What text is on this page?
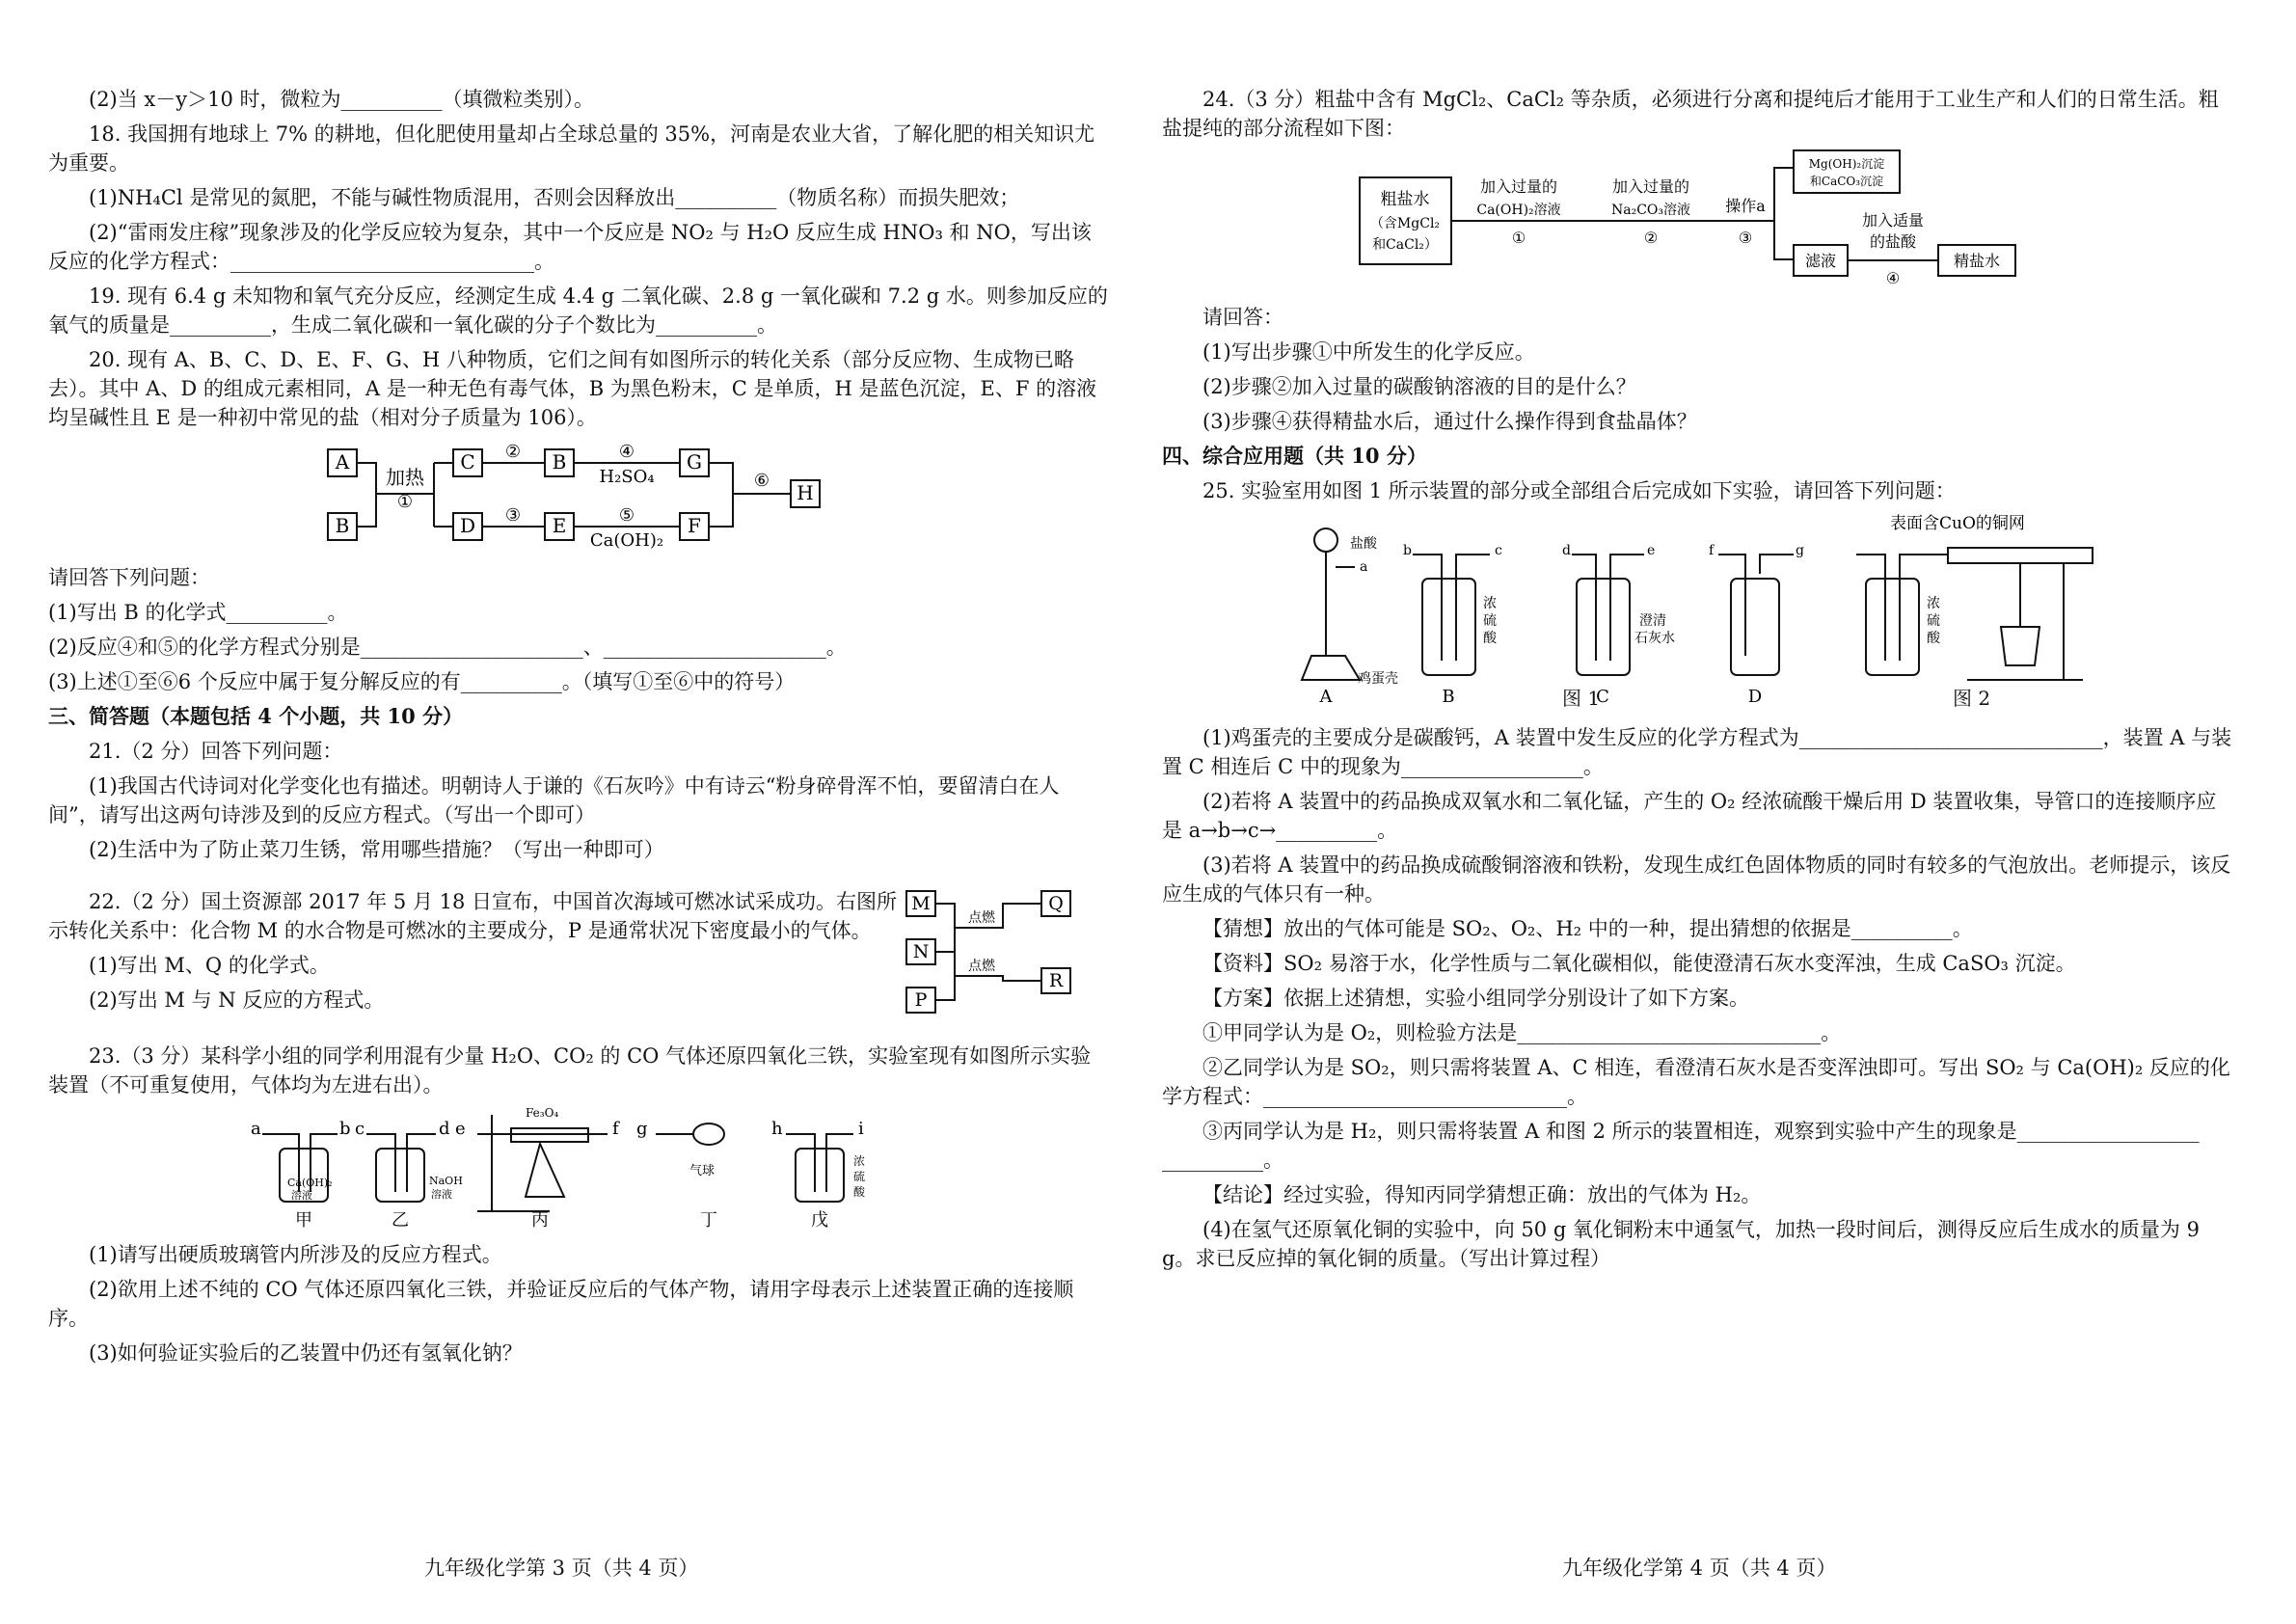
(2)当 x－y＞10 时，微粒为__________（填微粒类别）。

18. 我国拥有地球上 7% 的耕地，但化肥使用量却占全球总量的 35%，河南是农业大省，了解化肥的相关知识尤为重要。

(1)NH₄Cl 是常见的氮肥，不能与碱性物质混用，否则会因释放出__________（物质名称）而损失肥效；

(2)“雷雨发庄稼”现象涉及的化学反应较为复杂，其中一个反应是 NO₂ 与 H₂O 反应生成 HNO₃ 和 NO，写出该反应的化学方程式：______________________________。

19. 现有 6.4 g 未知物和氧气充分反应，经测定生成 4.4 g 二氧化碳、2.8 g 一氧化碳和 7.2 g 水。则参加反应的氧气的质量是__________，生成二氧化碳和一氧化碳的分子个数比为__________。

20. 现有 A、B、C、D、E、F、G、H 八种物质，它们之间有如图所示的转化关系（部分反应物、生成物已略去）。其中 A、D 的组成元素相同，A 是一种无色有毒气体，B 为黑色粉末，C 是单质，H 是蓝色沉淀，E、F 的溶液均呈碱性且 E 是一种初中常见的盐（相对分子质量为 106）。

A
B
加热
①
C
D
②
③
B
E
④
H₂SO₄
⑤
Ca(OH)₂
G
F
⑥
H

请回答下列问题：

(1)写出 B 的化学式__________。

(2)反应④和⑤的化学方程式分别是______________________、______________________。

(3)上述①至⑥6 个反应中属于复分解反应的有__________。（填写①至⑥中的符号）

三、简答题（本题包括 4 个小题，共 10 分）

21.（2 分）回答下列问题：

(1)我国古代诗词对化学变化也有描述。明朝诗人于谦的《石灰吟》中有诗云“粉身碎骨浑不怕，要留清白在人间”，请写出这两句诗涉及到的反应方程式。（写出一个即可）

(2)生活中为了防止菜刀生锈，常用哪些措施？（写出一种即可）

22.（2 分）国土资源部 2017 年 5 月 18 日宣布，中国首次海域可燃冰试采成功。右图所示转化关系中：化合物 M 的水合物是可燃冰的主要成分，P 是通常状况下密度最小的气体。

(1)写出 M、Q 的化学式。

(2)写出 M 与 N 反应的方程式。

M
N
P
Q
R
点燃
点燃

23.（3 分）某科学小组的同学利用混有少量 H₂O、CO₂ 的 CO 气体还原四氧化三铁，实验室现有如图所示实验装置（不可重复使用，气体均为左进右出）。

a	b
Ca(OH)₂
溶液
c	d
NaOH
溶液
e
Fe₃O₄
f g
气球
h	i
浓
硫
酸
甲	乙	丙	丁	戊

(1)请写出硬质玻璃管内所涉及的反应方程式。

(2)欲用上述不纯的 CO 气体还原四氧化三铁，并验证反应后的气体产物，请用字母表示上述装置正确的连接顺序。

(3)如何验证实验后的乙装置中仍还有氢氧化钠？

九年级化学第 3 页（共 4 页）

24.（3 分）粗盐中含有 MgCl₂、CaCl₂ 等杂质，必须进行分离和提纯后才能用于工业生产和人们的日常生活。粗盐提纯的部分流程如下图：

粗盐水
（含MgCl₂
和CaCl₂）
加入过量的
Ca(OH)₂溶液
①
加入过量的
Na₂CO₃溶液
②
操作a
③
Mg(OH)₂沉淀
和CaCO₃沉淀
滤液
加入适量
的盐酸
④
精盐水

请回答：

(1)写出步骤①中所发生的化学反应。

(2)步骤②加入过量的碳酸钠溶液的目的是什么？

(3)步骤④获得精盐水后，通过什么操作得到食盐晶体？

四、综合应用题（共 10 分）

25. 实验室用如图 1 所示装置的部分或全部组合后完成如下实验，请回答下列问题：

盐酸
a
鸡蛋壳
A
b	c
浓
硫
酸
B
d	e
澄清
石灰水
C
f	g
D
表面含CuO的铜网
浓
硫
酸
图 1	图 2

(1)鸡蛋壳的主要成分是碳酸钙，A 装置中发生反应的化学方程式为______________________________，装置 A 与装置 C 相连后 C 中的现象为__________________。

(2)若将 A 装置中的药品换成双氧水和二氧化锰，产生的 O₂ 经浓硫酸干燥后用 D 装置收集，导管口的连接顺序应是 a→b→c→__________。

(3)若将 A 装置中的药品换成硫酸铜溶液和铁粉，发现生成红色固体物质的同时有较多的气泡放出。老师提示，该反应生成的气体只有一种。

【猜想】放出的气体可能是 SO₂、O₂、H₂ 中的一种，提出猜想的依据是__________。

【资料】SO₂ 易溶于水，化学性质与二氧化碳相似，能使澄清石灰水变浑浊，生成 CaSO₃ 沉淀。

【方案】依据上述猜想，实验小组同学分别设计了如下方案。

①甲同学认为是 O₂，则检验方法是______________________________。

②乙同学认为是 SO₂，则只需将装置 A、C 相连，看澄清石灰水是否变浑浊即可。写出 SO₂ 与 Ca(OH)₂ 反应的化学方程式：______________________________。

③丙同学认为是 H₂，则只需将装置 A 和图 2 所示的装置相连，观察到实验中产生的现象是__________________ __________。

【结论】经过实验，得知丙同学猜想正确：放出的气体为 H₂。

(4)在氢气还原氧化铜的实验中，向 50 g 氧化铜粉末中通氢气，加热一段时间后，测得反应后生成水的质量为 9 g。求已反应掉的氧化铜的质量。（写出计算过程）

九年级化学第 4 页（共 4 页）
